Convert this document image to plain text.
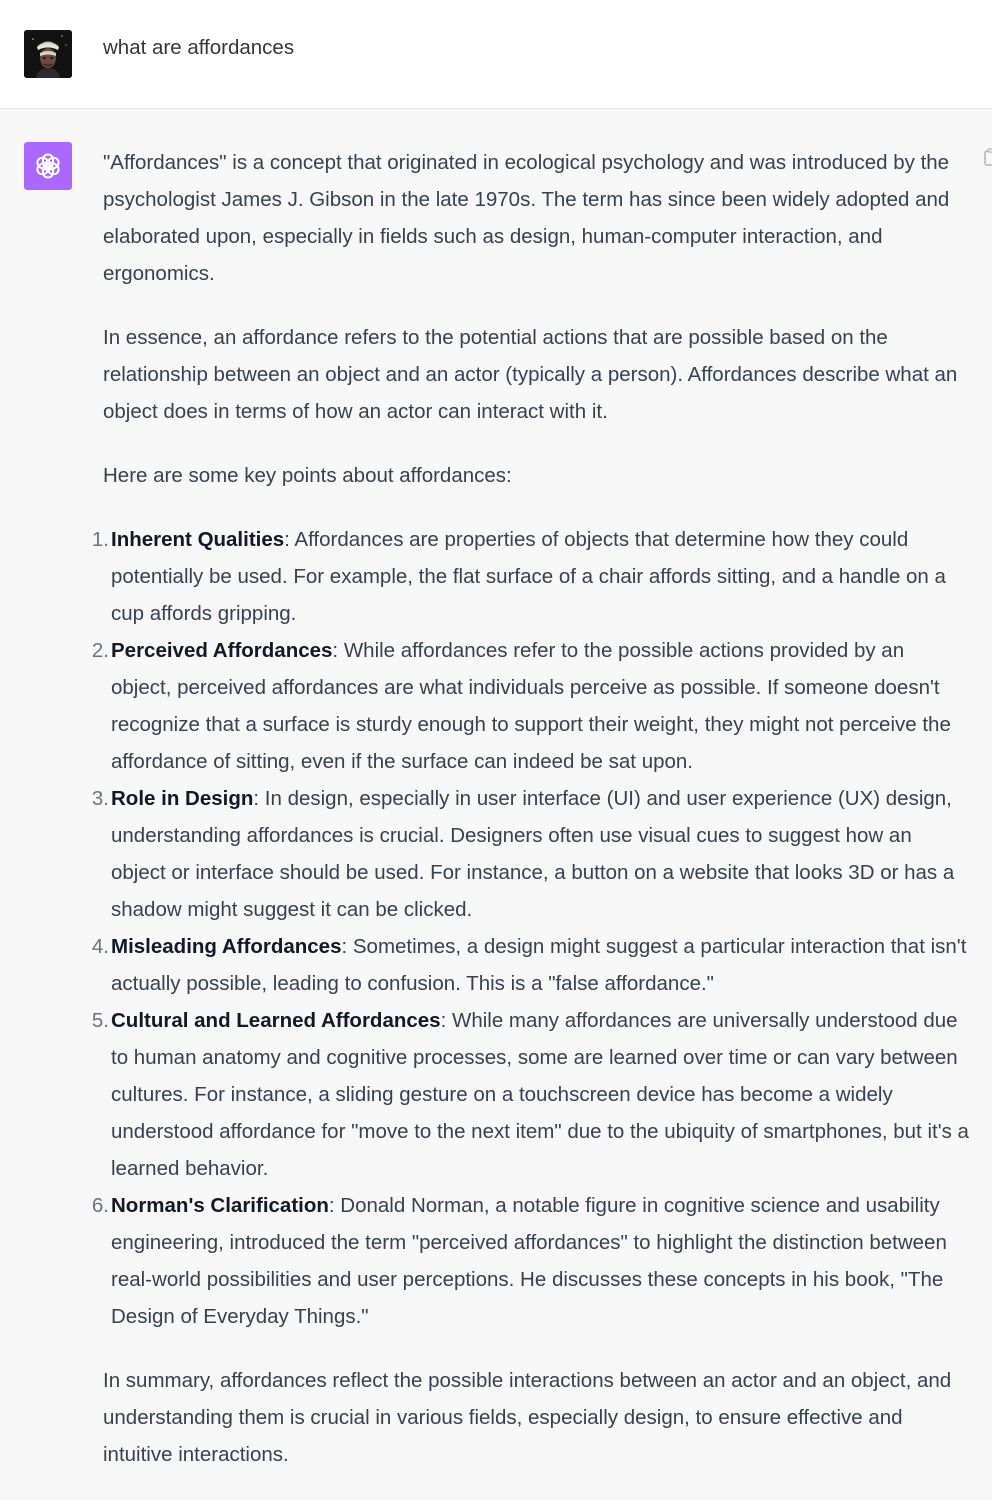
what are affordances

"Affordances" is a concept that originated in ecological psychology and was introduced by the psychologist James J. Gibson in the late 1970s. The term has since been widely adopted and elaborated upon, especially in fields such as design, human-computer interaction, and ergonomics.

In essence, an affordance refers to the potential actions that are possible based on the relationship between an object and an actor (typically a person). Affordances describe what an object does in terms of how an actor can interact with it.

Here are some key points about affordances:

1. Inherent Qualities: Affordances are properties of objects that determine how they could potentially be used. For example, the flat surface of a chair affords sitting, and a handle on a cup affords gripping.
2. Perceived Affordances: While affordances refer to the possible actions provided by an object, perceived affordances are what individuals perceive as possible. If someone doesn't recognize that a surface is sturdy enough to support their weight, they might not perceive the affordance of sitting, even if the surface can indeed be sat upon.
3. Role in Design: In design, especially in user interface (UI) and user experience (UX) design, understanding affordances is crucial. Designers often use visual cues to suggest how an object or interface should be used. For instance, a button on a website that looks 3D or has a shadow might suggest it can be clicked.
4. Misleading Affordances: Sometimes, a design might suggest a particular interaction that isn't actually possible, leading to confusion. This is a "false affordance."
5. Cultural and Learned Affordances: While many affordances are universally understood due to human anatomy and cognitive processes, some are learned over time or can vary between cultures. For instance, a sliding gesture on a touchscreen device has become a widely understood affordance for "move to the next item" due to the ubiquity of smartphones, but it's a learned behavior.
6. Norman's Clarification: Donald Norman, a notable figure in cognitive science and usability engineering, introduced the term "perceived affordances" to highlight the distinction between real-world possibilities and user perceptions. He discusses these concepts in his book, "The Design of Everyday Things."

In summary, affordances reflect the possible interactions between an actor and an object, and understanding them is crucial in various fields, especially design, to ensure effective and intuitive interactions.
